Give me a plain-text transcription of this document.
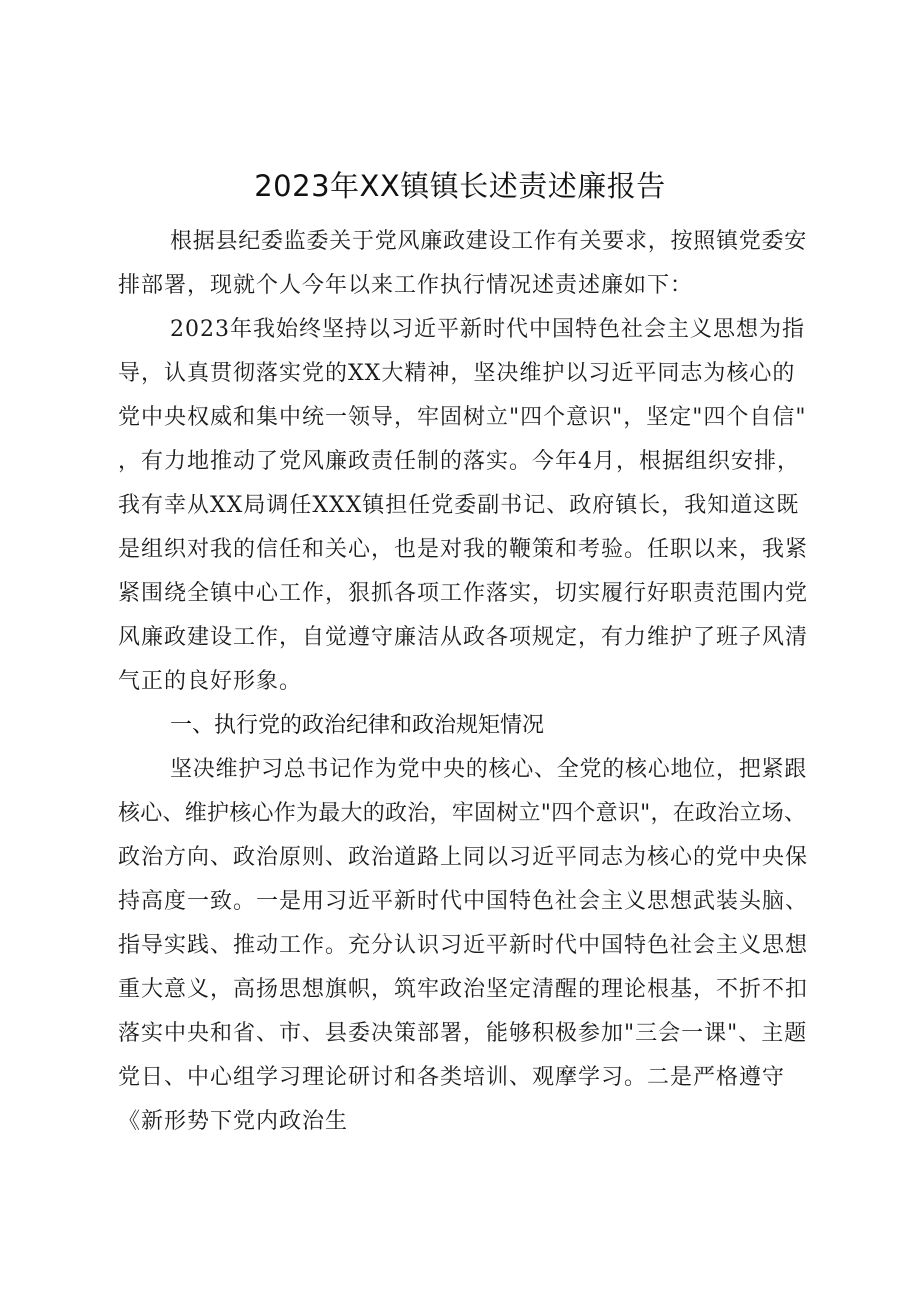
2023年XX镇镇长述责述廉报告
根据县纪委监委关于党风廉政建设工作有关要求，按照镇党委安
排部署，现就个人今年以来工作执行情况述责述廉如下：
2023年我始终坚持以习近平新时代中国特色社会主义思想为指
导，认真贯彻落实党的XX大精神，坚决维护以习近平同志为核心的
党中央权威和集中统一领导，牢固树立"四个意识"，坚定"四个自信"
，有力地推动了党风廉政责任制的落实。今年4月，根据组织安排，
我有幸从XX局调任XXX镇担任党委副书记、政府镇长，我知道这既
是组织对我的信任和关心，也是对我的鞭策和考验。任职以来，我紧
紧围绕全镇中心工作，狠抓各项工作落实，切实履行好职责范围内党
风廉政建设工作，自觉遵守廉洁从政各项规定，有力维护了班子风清
气正的良好形象。
一、执行党的政治纪律和政治规矩情况
坚决维护习总书记作为党中央的核心、全党的核心地位，把紧跟
核心、维护核心作为最大的政治，牢固树立"四个意识"，在政治立场、
政治方向、政治原则、政治道路上同以习近平同志为核心的党中央保
持高度一致。一是用习近平新时代中国特色社会主义思想武装头脑、
指导实践、推动工作。充分认识习近平新时代中国特色社会主义思想
重大意义，高扬思想旗帜，筑牢政治坚定清醒的理论根基，不折不扣
落实中央和省、市、县委决策部署，能够积极参加"三会一课"、主题
党日、中心组学习理论研讨和各类培训、观摩学习。二是严格遵守
《新形势下党内政治生
